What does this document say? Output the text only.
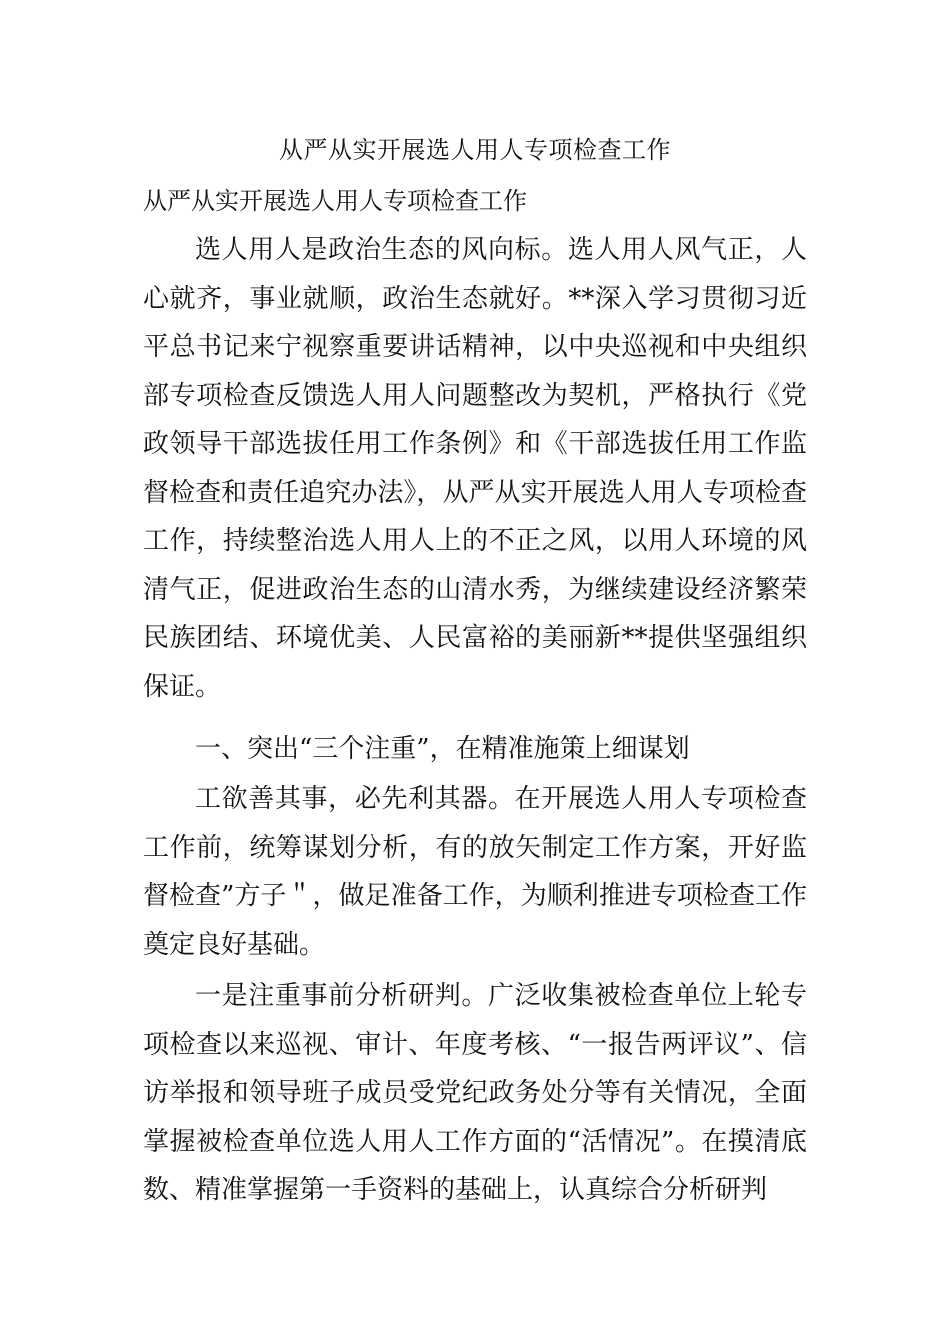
从严从实开展选人用人专项检查工作
从严从实开展选人用人专项检查工作

选人用人是政治生态的风向标。选人用人风气正，人心就齐，事业就顺，政治生态就好。**深入学习贯彻习近平总书记来宁视察重要讲话精神，以中央巡视和中央组织部专项检查反馈选人用人问题整改为契机，严格执行《党政领导干部选拔任用工作条例》和《干部选拔任用工作监督检查和责任追究办法》，从严从实开展选人用人专项检查工作，持续整治选人用人上的不正之风，以用人环境的风清气正，促进政治生态的山清水秀，为继续建设经济繁荣民族团结、环境优美、人民富裕的美丽新**提供坚强组织保证。

一、突出“三个注重”，在精准施策上细谋划

工欲善其事，必先利其器。在开展选人用人专项检查工作前，统筹谋划分析，有的放矢制定工作方案，开好监督检查”方子＂，做足准备工作，为顺利推进专项检查工作奠定良好基础。

一是注重事前分析研判。广泛收集被检查单位上轮专项检查以来巡视、审计、年度考核、“一报告两评议”、信访举报和领导班子成员受党纪政务处分等有关情况，全面掌握被检查单位选人用人工作方面的“活情况”。在摸清底数、精准掌握第一手资料的基础上，认真综合分析研判
